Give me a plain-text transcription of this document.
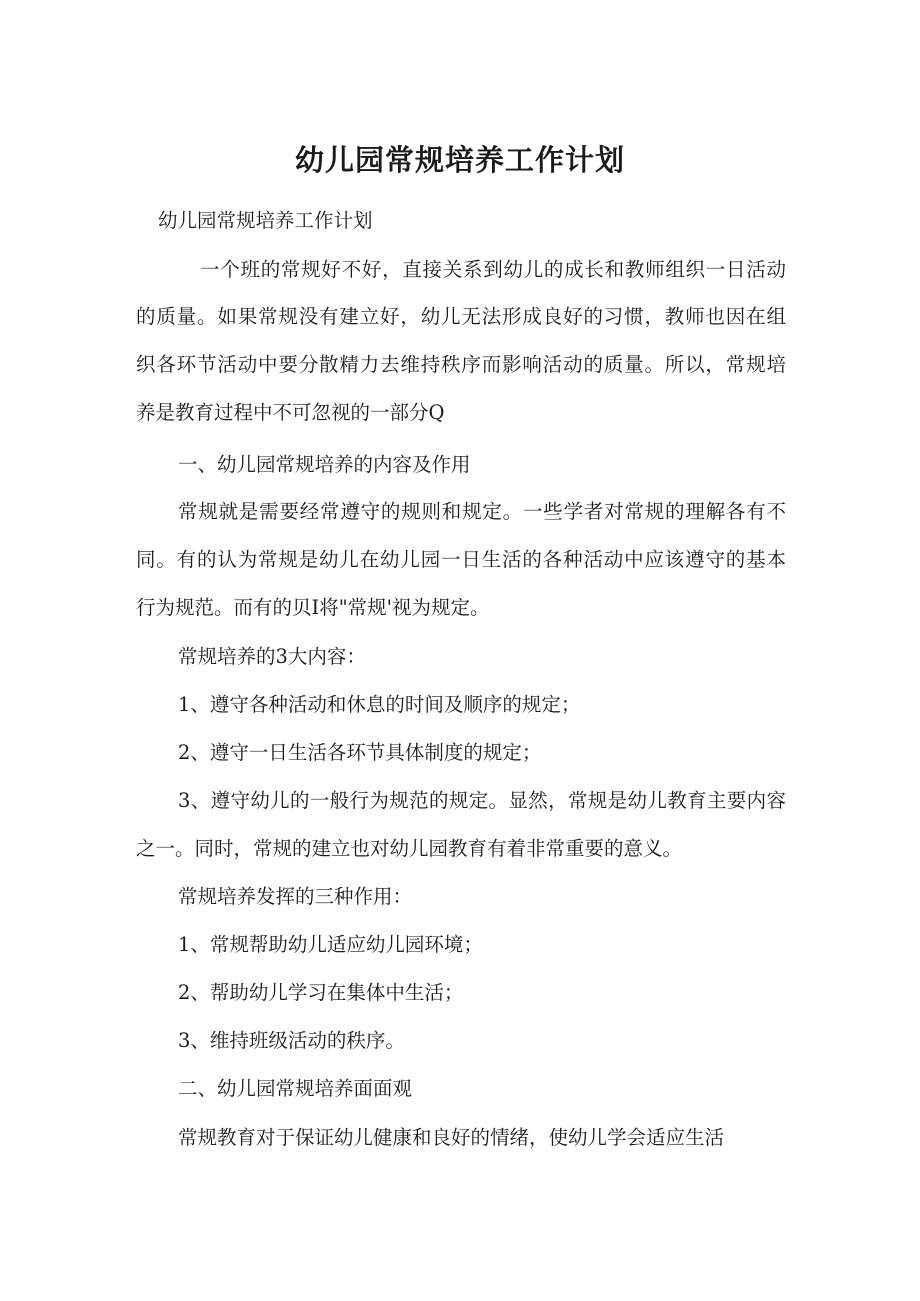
幼儿园常规培养工作计划

幼儿园常规培养工作计划

一个班的常规好不好，直接关系到幼儿的成长和教师组织一日活动

的质量。如果常规没有建立好，幼儿无法形成良好的习惯，教师也因在组

织各环节活动中要分散精力去维持秩序而影响活动的质量。所以，常规培

养是教育过程中不可忽视的一部分Q

一、幼儿园常规培养的内容及作用

常规就是需要经常遵守的规则和规定。一些学者对常规的理解各有不

同。有的认为常规是幼儿在幼儿园一日生活的各种活动中应该遵守的基本

行为规范。而有的贝I将"常规'视为规定。

常规培养的3大内容：

1、遵守各种活动和休息的时间及顺序的规定；

2、遵守一日生活各环节具体制度的规定；

3、遵守幼儿的一般行为规范的规定。显然，常规是幼儿教育主要内容

之一。同时，常规的建立也对幼儿园教育有着非常重要的意义。

常规培养发挥的三种作用：

1、常规帮助幼儿适应幼儿园环境；

2、帮助幼儿学习在集体中生活；

3、维持班级活动的秩序。

二、幼儿园常规培养面面观

常规教育对于保证幼儿健康和良好的情绪，使幼儿学会适应生活
